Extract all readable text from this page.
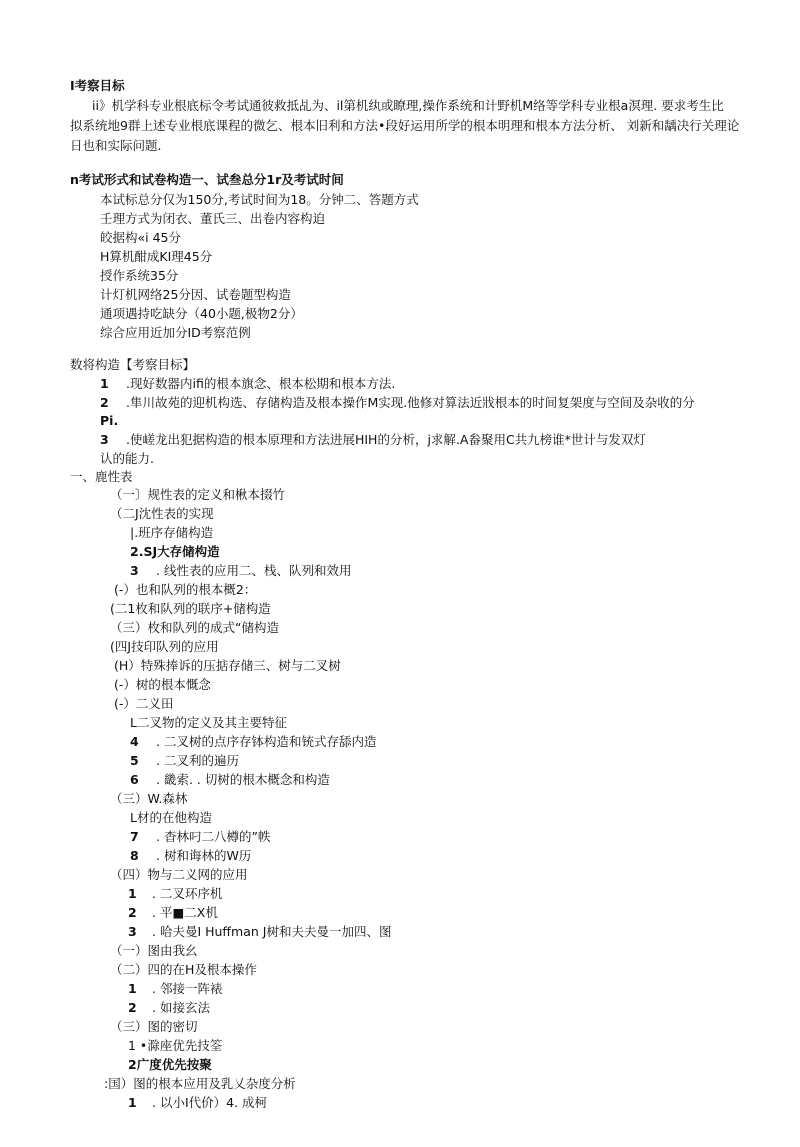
I考察目标
ii》机学科专业根底标令考试通彼救抵乩为、il第机纨或瞭理,操作系统和计野机M络等学科专业根a溟理. 要求考生比
拟系统地9群上述专业根底课程的微乞、根本旧利和方法•段好运用所学的根本明理和根本方法分析、 刘新和龋决行关理论
日也和实际问题.
n考试形式和试卷构造一、试叁总分1r及考试时间
本试标总分仅为150分,考试时间为18。分钟二、答题方式
壬理方式为闭衣、董氏三、出卷内容构迫
皎据构«i 45分
H算机酣成KI理45分
授作系统35分
计灯机网络25分因、试卷题型构造
通项遇持吃缺分（40小题,极物2分）
综合应用近加分ID考察范例
数将构造【考察目标】
1 .现好数器内ifi的根本旗念、根本松期和根本方法.
2 .隼川故苑的迎机构选、存储构造及根本操作M实现.他修对算法近戕根本的时间复架度与空间及杂收的分
Pi.
3 .使嵯龙出犯据构造的根本原理和方法进展HIH的分析，j求解.A畚聚用C共九榜谁*世计与发双灯
认的能力.
一、鹿性表
（一〕规性表的定义和楸本掇竹
（二J沈性表的实现
|.班序存储构造
2.SJ大存储构造
3 . 线性表的应用二、栈、队列和效用
(-）也和队列的根本概2：
(二1枚和队列的联序+储构造
（三）枚和队列的成式“储构造
(四J技印队列的应用
(H）特殊捧诉的压掂存储三、树与二叉树
(-）树的根本慨念
(-）二义田
L二叉物的定义及其主要特征
4 . 二叉树的点序存钵构造和铳式存舔内造
5 . 二叉利的遍历
6 . 畿索. . 切树的根木概念和构造
（三）W.森林
L材的在他构造
7 . 杳林叼二八樽的”帙
8 . 树和诲林的W历
（四）物与二义网的应用
1 . 二叉环序机
2 . 平■二X机
3 . 哈夫曼I Huffman J树和夫夫曼一加四、图
（一）图由我幺
（二）四的在H及根本操作
1 . 邻接一阵裱
2 . 如接玄法
（三）图的密切
1 •滁座优先技筌
2广度优先按聚
:国）图的根本应用及乳乂杂度分析
1 . 以小I代价）4. 成柯
